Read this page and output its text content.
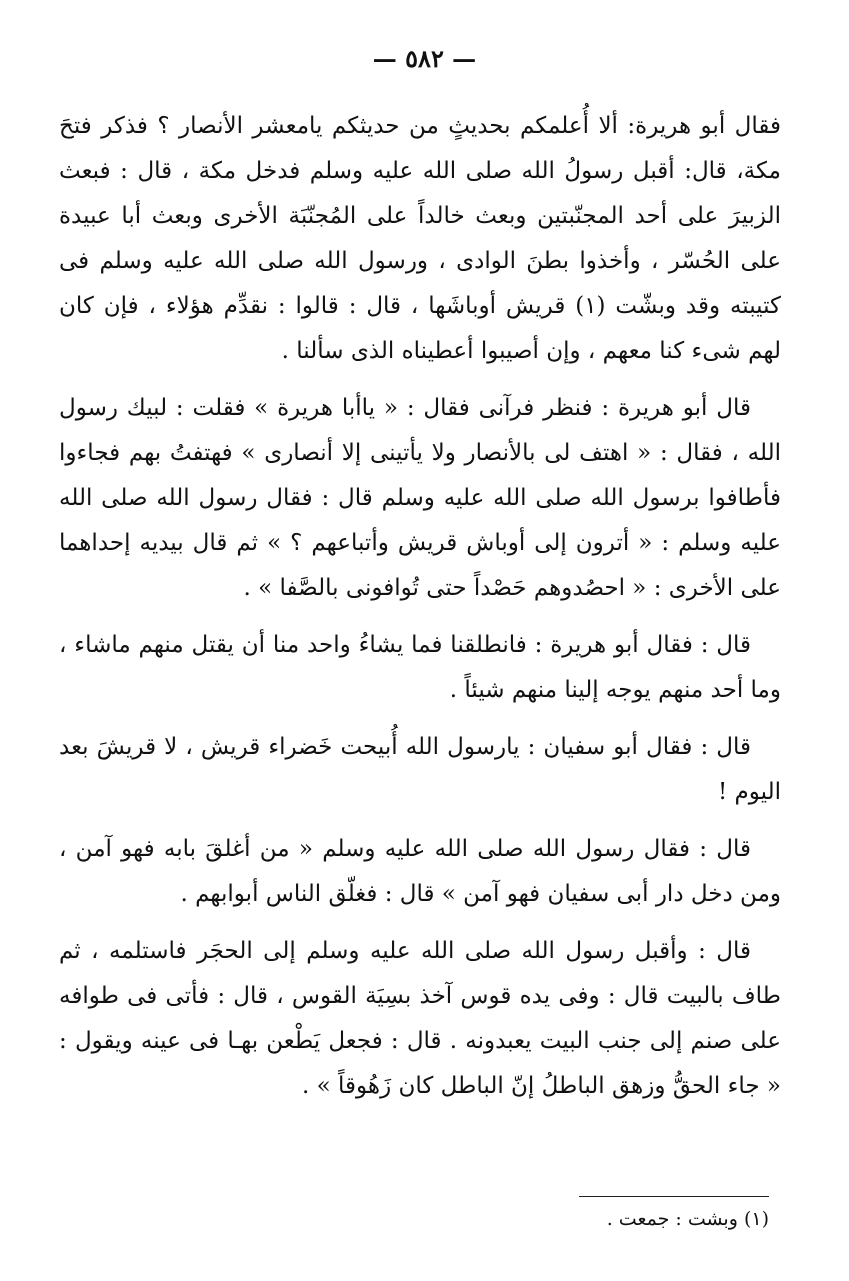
— ٥٨٢ —

فقال أبو هريرة: ألا أُعلمكم بحديثٍ من حديثكم يامعشر الأنصار ؟ فذكر فتحَ مكة، قال: أقبل رسولُ الله صلى الله عليه وسلم فدخل مكة ، قال : فبعث الزبيرَ على أحد المجنّبتين وبعث خالداً على المُجنّبَة الأخرى وبعث أبا عبيدة على الحُسّر ، وأخذوا بطنَ الوادى ، ورسول الله صلى الله عليه وسلم فى كتيبته وقد وبشّت (١) قريش أوباشَها ، قال : قالوا : نقدِّم هؤلاء ، فإن كان لهم شىء كنا معهم ، وإن أصيبوا أعطيناه الذى سألنا .

قال أبو هريرة : فنظر فرآنى فقال : « ياأبا هريرة » فقلت : لبيك رسول الله ، فقال : « اهتف لى بالأنصار ولا يأتينى إلا أنصارى » فهتفتُ بهم فجاءوا فأطافوا برسول الله صلى الله عليه وسلم قال : فقال رسول الله صلى الله عليه وسلم : « أترون إلى أوباش قريش وأتباعهم ؟ » ثم قال بيديه إحداهما على الأخرى : « احصُدوهم حَصْداً حتى تُوافونى بالصَّفا » .

قال : فقال أبو هريرة : فانطلقنا فما يشاءُ واحد منا أن يقتل منهم ماشاء ، وما أحد منهم يوجه إلينا منهم شيئاً .

قال : فقال أبو سفيان : يارسول الله أُبيحت خَضراء قريش ، لا قريشَ بعد اليوم !

قال : فقال رسول الله صلى الله عليه وسلم « من أغلقَ بابه فهو آمن ، ومن دخل دار أبى سفيان فهو آمن » قال : فغلّق الناس أبوابهم .

قال : وأقبل رسول الله صلى الله عليه وسلم إلى الحجَر فاستلمه ، ثم طاف بالبيت قال : وفى يده قوس آخذ بسِيَة القوس ، قال : فأتى فى طوافه على صنم إلى جنب البيت يعبدونه . قال : فجعل يَطْعن بهـا فى عينه ويقول : « جاء الحقُّ وزهق الباطلُ إنّ الباطل كان زَهُوقاً » .

(١) وبشت : جمعت .
